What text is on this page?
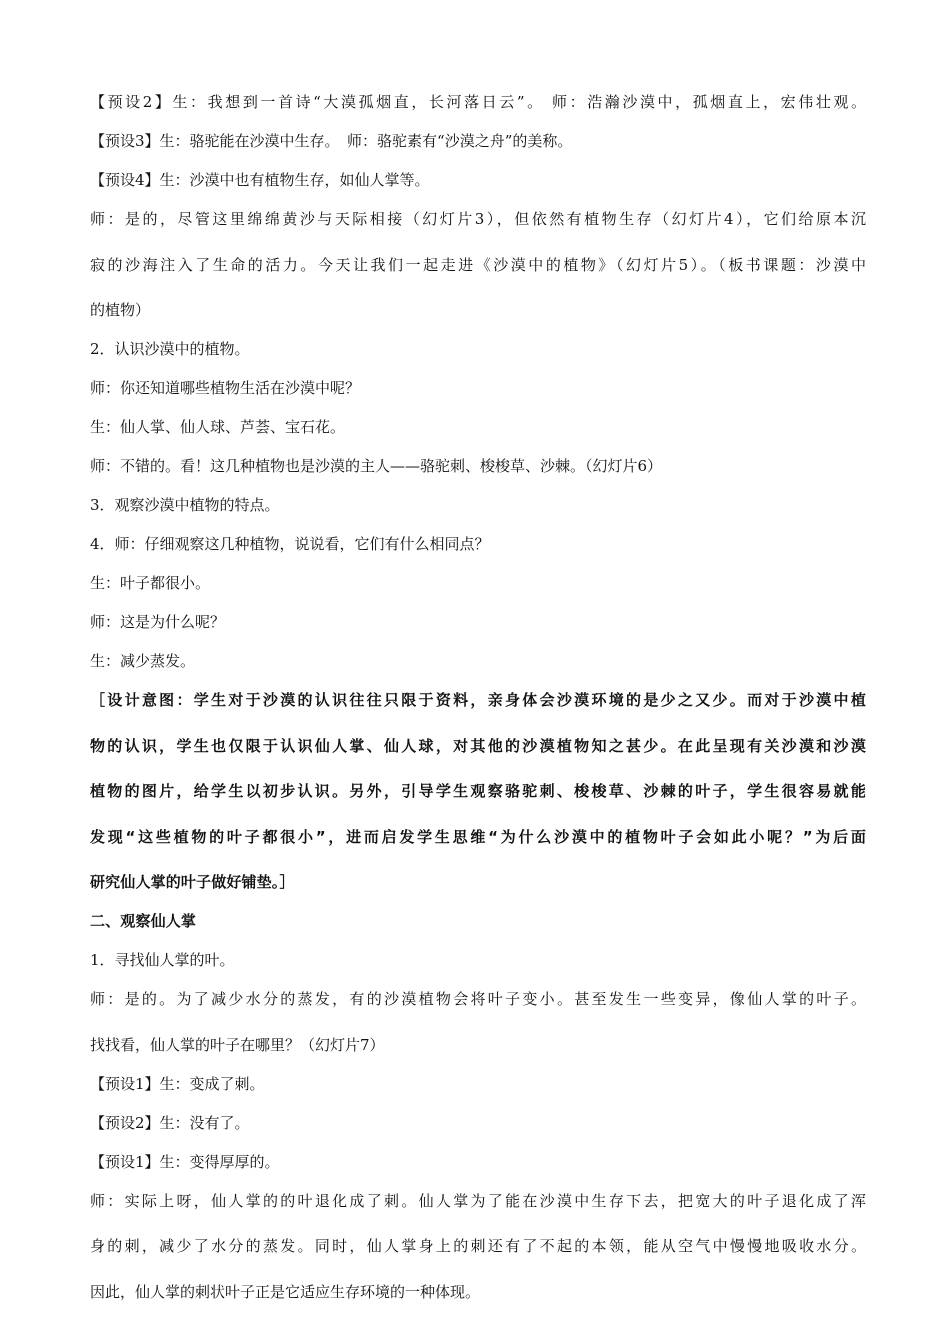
【预设2】生：我想到一首诗“大漠孤烟直，长河落日云”。 师：浩瀚沙漠中，孤烟直上，宏伟壮观。

【预设3】生：骆驼能在沙漠中生存。　师：骆驼素有“沙漠之舟”的美称。

【预设4】生：沙漠中也有植物生存，如仙人掌等。

师：是的，尽管这里绵绵黄沙与天际相接（幻灯片3），但依然有植物生存（幻灯片4），它们给原本沉

寂的沙海注入了生命的活力。今天让我们一起走进《沙漠中的植物》（幻灯片5）。（板书课题：沙漠中

的植物）

2．认识沙漠中的植物。

师：你还知道哪些植物生活在沙漠中呢？

生：仙人掌、仙人球、芦荟、宝石花。

师：不错的。看！这几种植物也是沙漠的主人——骆驼刺、梭梭草、沙棘。（幻灯片6）

3．观察沙漠中植物的特点。

4．师：仔细观察这几种植物，说说看，它们有什么相同点？

生：叶子都很小。

师：这是为什么呢？

生：减少蒸发。

［设计意图：学生对于沙漠的认识往往只限于资料，亲身体会沙漠环境的是少之又少。而对于沙漠中植

物的认识，学生也仅限于认识仙人掌、仙人球，对其他的沙漠植物知之甚少。在此呈现有关沙漠和沙漠

植物的图片，给学生以初步认识。另外，引导学生观察骆驼刺、梭梭草、沙棘的叶子，学生很容易就能

发现“这些植物的叶子都很小”，进而启发学生思维“为什么沙漠中的植物叶子会如此小呢？”为后面

研究仙人掌的叶子做好铺垫。］

二、观察仙人掌

1．寻找仙人掌的叶。

师：是的。为了减少水分的蒸发，有的沙漠植物会将叶子变小。甚至发生一些变异，像仙人掌的叶子。

找找看，仙人掌的叶子在哪里？（幻灯片7）

【预设1】生：变成了刺。

【预设2】生：没有了。

【预设1】生：变得厚厚的。

师：实际上呀，仙人掌的的叶退化成了刺。仙人掌为了能在沙漠中生存下去，把宽大的叶子退化成了浑

身的刺，减少了水分的蒸发。同时，仙人掌身上的刺还有了不起的本领，能从空气中慢慢地吸收水分。

因此，仙人掌的刺状叶子正是它适应生存环境的一种体现。
